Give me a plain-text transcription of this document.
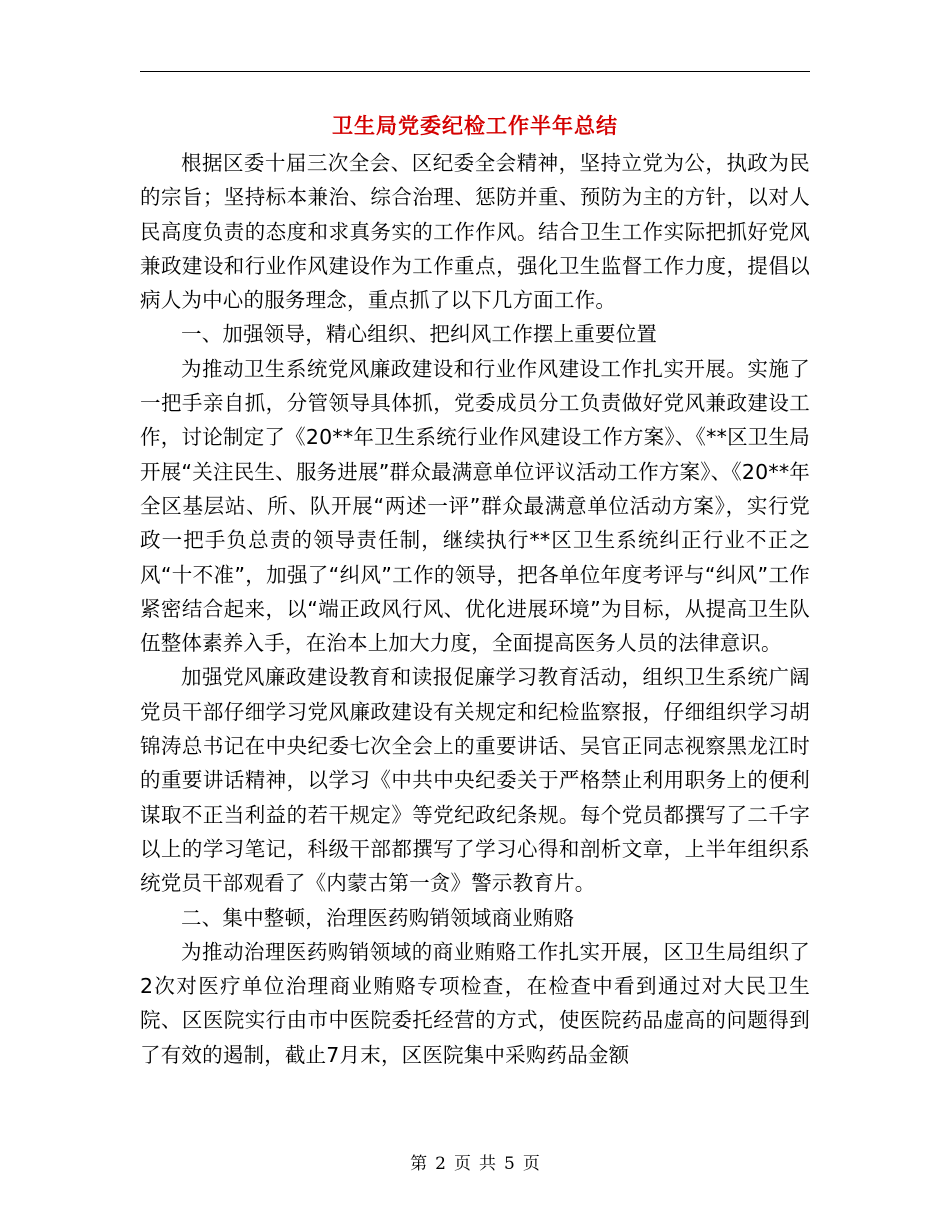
卫生局党委纪检工作半年总结

根据区委十届三次全会、区纪委全会精神，坚持立党为公，执政为民的宗旨；坚持标本兼治、综合治理、惩防并重、预防为主的方针，以对人民高度负责的态度和求真务实的工作作风。结合卫生工作实际把抓好党风兼政建设和行业作风建设作为工作重点，强化卫生监督工作力度，提倡以病人为中心的服务理念，重点抓了以下几方面工作。

一、加强领导，精心组织、把纠风工作摆上重要位置

为推动卫生系统党风廉政建设和行业作风建设工作扎实开展。实施了一把手亲自抓，分管领导具体抓，党委成员分工负责做好党风兼政建设工作，讨论制定了《20**年卫生系统行业作风建设工作方案》、《**区卫生局开展“关注民生、服务进展”群众最满意单位评议活动工作方案》、《20**年全区基层站、所、队开展“两述一评”群众最满意单位活动方案》，实行党政一把手负总责的领导责任制，继续执行**区卫生系统纠正行业不正之风“十不准”，加强了“纠风”工作的领导，把各单位年度考评与“纠风”工作紧密结合起来，以“端正政风行风、优化进展环境”为目标，从提高卫生队伍整体素养入手，在治本上加大力度，全面提高医务人员的法律意识。

加强党风廉政建设教育和读报促廉学习教育活动，组织卫生系统广阔党员干部仔细学习党风廉政建设有关规定和纪检监察报，仔细组织学习胡锦涛总书记在中央纪委七次全会上的重要讲话、吴官正同志视察黑龙江时的重要讲话精神，以学习《中共中央纪委关于严格禁止利用职务上的便利谋取不正当利益的若干规定》等党纪政纪条规。每个党员都撰写了二千字以上的学习笔记，科级干部都撰写了学习心得和剖析文章，上半年组织系统党员干部观看了《内蒙古第一贪》警示教育片。

二、集中整顿，治理医药购销领域商业贿赂

为推动治理医药购销领域的商业贿赂工作扎实开展，区卫生局组织了2次对医疗单位治理商业贿赂专项检查，在检查中看到通过对大民卫生院、区医院实行由市中医院委托经营的方式，使医院药品虚高的问题得到了有效的遏制，截止7月末，区医院集中采购药品金额

第 2 页 共 5 页
